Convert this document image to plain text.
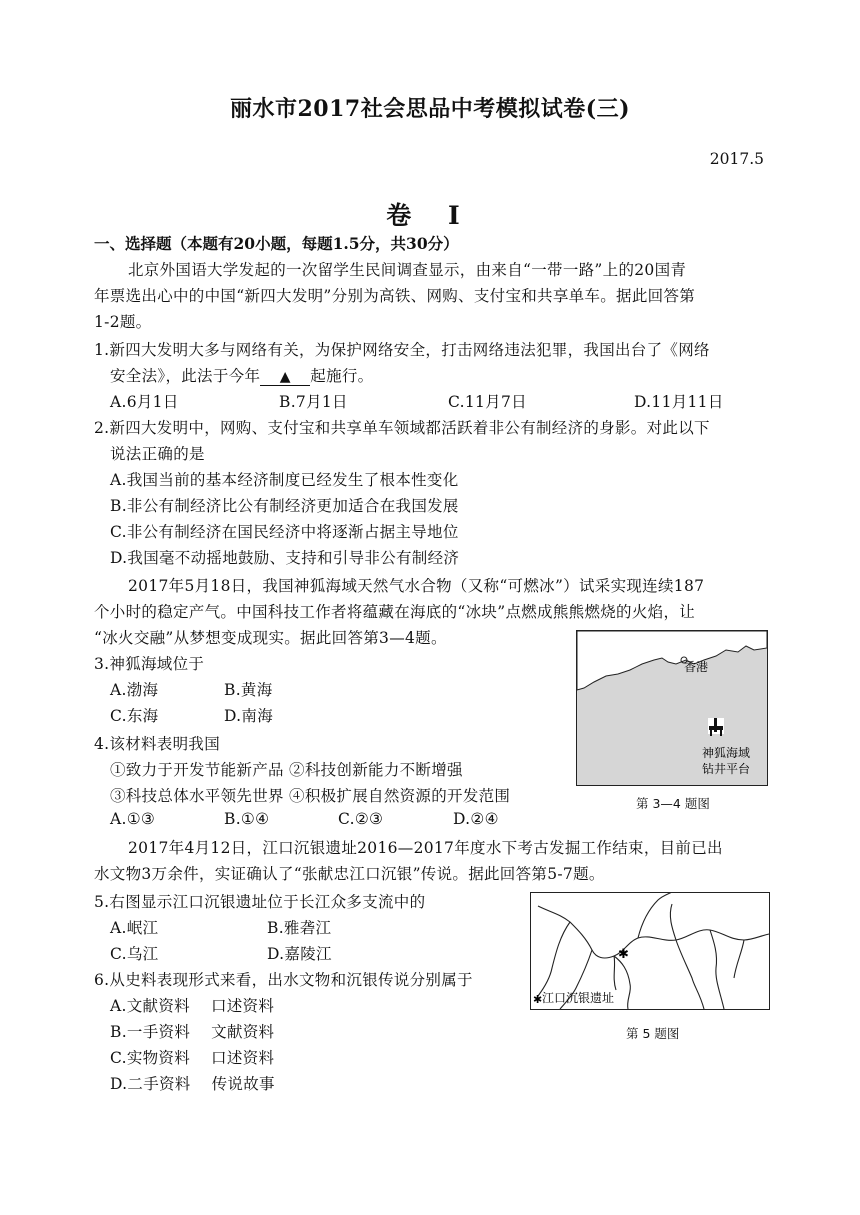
丽水市2017社会思品中考模拟试卷(三)
2017.5
卷 I
一、选择题（本题有20小题，每题1.5分，共30分）
北京外国语大学发起的一次留学生民间调查显示，由来自“一带一路”上的20国青
年票选出心中的中国“新四大发明”分别为高铁、网购、支付宝和共享单车。据此回答第
1-2题。
1.新四大发明大多与网络有关，为保护网络安全，打击网络违法犯罪，我国出台了《网络
安全法》，此法于今年 ▲ 起施行。
A.6月1日	B.7月1日	C.11月7日	D.11月11日
2.新四大发明中，网购、支付宝和共享单车领域都活跃着非公有制经济的身影。对此以下
说法正确的是
A.我国当前的基本经济制度已经发生了根本性变化
B.非公有制经济比公有制经济更加适合在我国发展
C.非公有制经济在国民经济中将逐渐占据主导地位
D.我国毫不动摇地鼓励、支持和引导非公有制经济
2017年5月18日，我国神狐海域天然气水合物（又称“可燃冰”）试采实现连续187
个小时的稳定产气。中国科技工作者将蕴藏在海底的“冰块”点燃成熊熊燃烧的火焰，让
“冰火交融”从梦想变成现实。据此回答第3—4题。
3.神狐海域位于
A.渤海	B.黄海
C.东海	D.南海
4.该材料表明我国
①致力于开发节能新产品 ②科技创新能力不断增强
③科技总体水平领先世界 ④积极扩展自然资源的开发范围
A.①③	B.①④	C.②③	D.②④
香港
神狐海域
钻井平台
第 3—4 题图
2017年4月12日，江口沉银遗址2016—2017年度水下考古发掘工作结束，目前已出
水文物3万余件，实证确认了“张献忠江口沉银”传说。据此回答第5-7题。
5.右图显示江口沉银遗址位于长江众多支流中的
A.岷江	B.雅砻江
C.乌江	D.嘉陵江
6.从史料表现形式来看，出水文物和沉银传说分别属于
A.文献资料　 口述资料
B.一手资料　 文献资料
C.实物资料　 口述资料
D.二手资料　 传说故事
✱
✱ 江口沉银遗址
第 5 题图
